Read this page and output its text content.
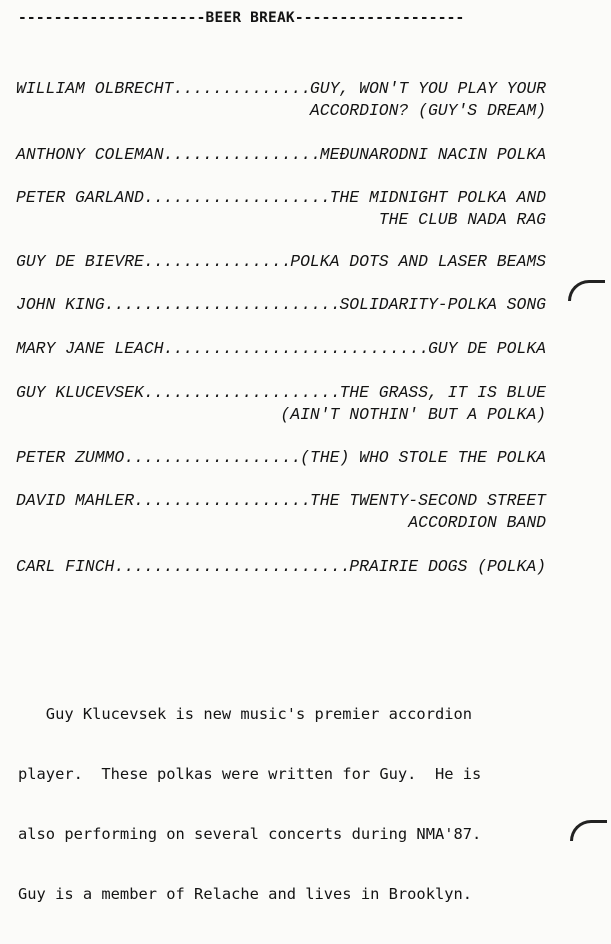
---------------------BEER BREAK-------------------
WILLIAM OLBRECHT .....	GUY, WON'T YOU PLAY YOUR
ACCORDION? (GUY'S DREAM)
ANTHONY COLEMAN .....	MEĐUNARODNI NACIN POLKA
PETER GARLAND .....	THE MIDNIGHT POLKA AND
THE CLUB NADA RAG
GUY DE BIEVRE .....	POLKA DOTS AND LASER BEAMS
JOHN KING .....	SOLIDARITY-POLKA SONG
MARY JANE LEACH .....	GUY DE POLKA
GUY KLUCEVSEK .....	THE GRASS, IT IS BLUE
(AIN'T NOTHIN' BUT A POLKA)
PETER ZUMMO .....	(THE) WHO STOLE THE POLKA
DAVID MAHLER .....	THE TWENTY-SECOND STREET
ACCORDION BAND
CARL FINCH .....	PRAIRIE DOGS (POLKA)

Guy Klucevsek is new music's premier accordion

player.  These polkas were written for Guy.  He is

also performing on several concerts during NMA'87.

Guy is a member of Relache and lives in Brooklyn.
